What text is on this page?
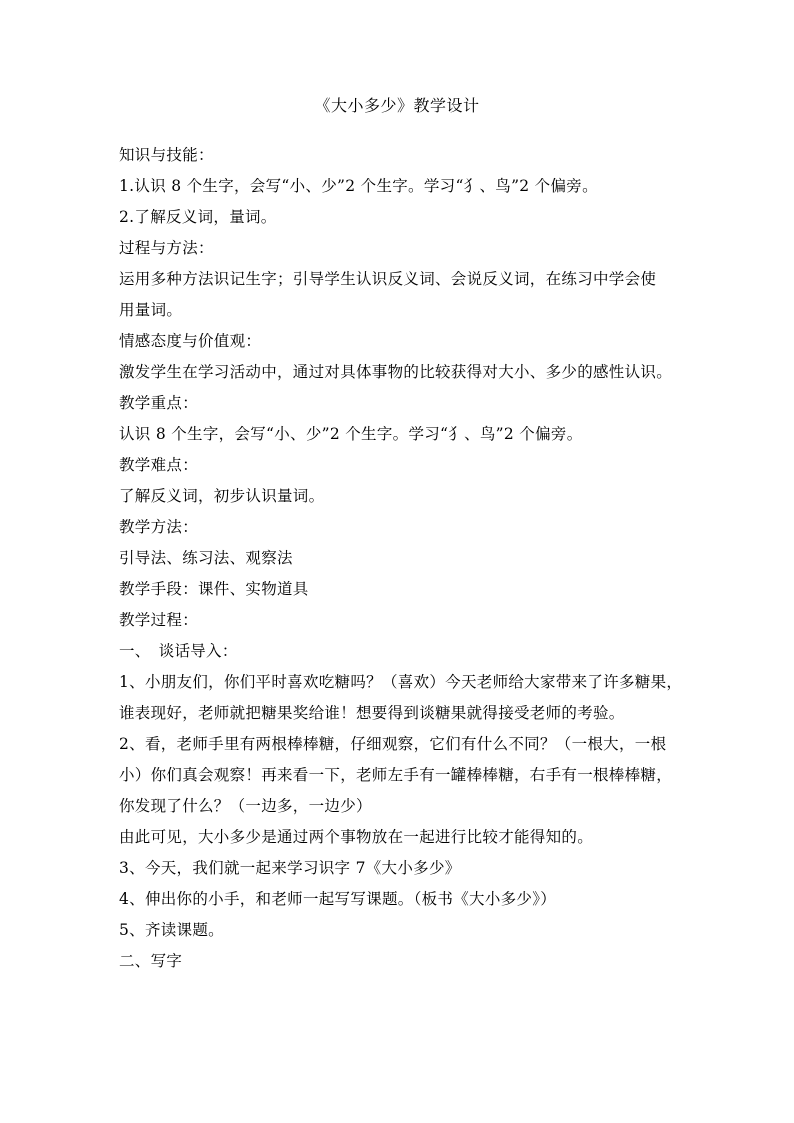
《大小多少》教学设计
知识与技能：
1.认识 8 个生字，会写“小、少”2 个生字。学习“犭、鸟”2 个偏旁。
2.了解反义词，量词。
过程与方法：
运用多种方法识记生字；引导学生认识反义词、会说反义词，在练习中学会使
用量词。
情感态度与价值观：
激发学生在学习活动中，通过对具体事物的比较获得对大小、多少的感性认识。
教学重点：
认识 8 个生字，会写“小、少”2 个生字。学习“犭、鸟”2 个偏旁。
教学难点：
了解反义词，初步认识量词。
教学方法：
引导法、练习法、观察法
教学手段：课件、实物道具
教学过程：
一、　谈话导入：
1、小朋友们，你们平时喜欢吃糖吗？（喜欢）今天老师给大家带来了许多糖果，
谁表现好，老师就把糖果奖给谁！想要得到谈糖果就得接受老师的考验。
2、看，老师手里有两根棒棒糖，仔细观察，它们有什么不同？（一根大，一根
小）你们真会观察！再来看一下，老师左手有一罐棒棒糖，右手有一根棒棒糖，
你发现了什么？（一边多，一边少）
由此可见，大小多少是通过两个事物放在一起进行比较才能得知的。
3、今天，我们就一起来学习识字 7《大小多少》
4、伸出你的小手，和老师一起写写课题。（板书《大小多少》）
5、齐读课题。
二、写字
